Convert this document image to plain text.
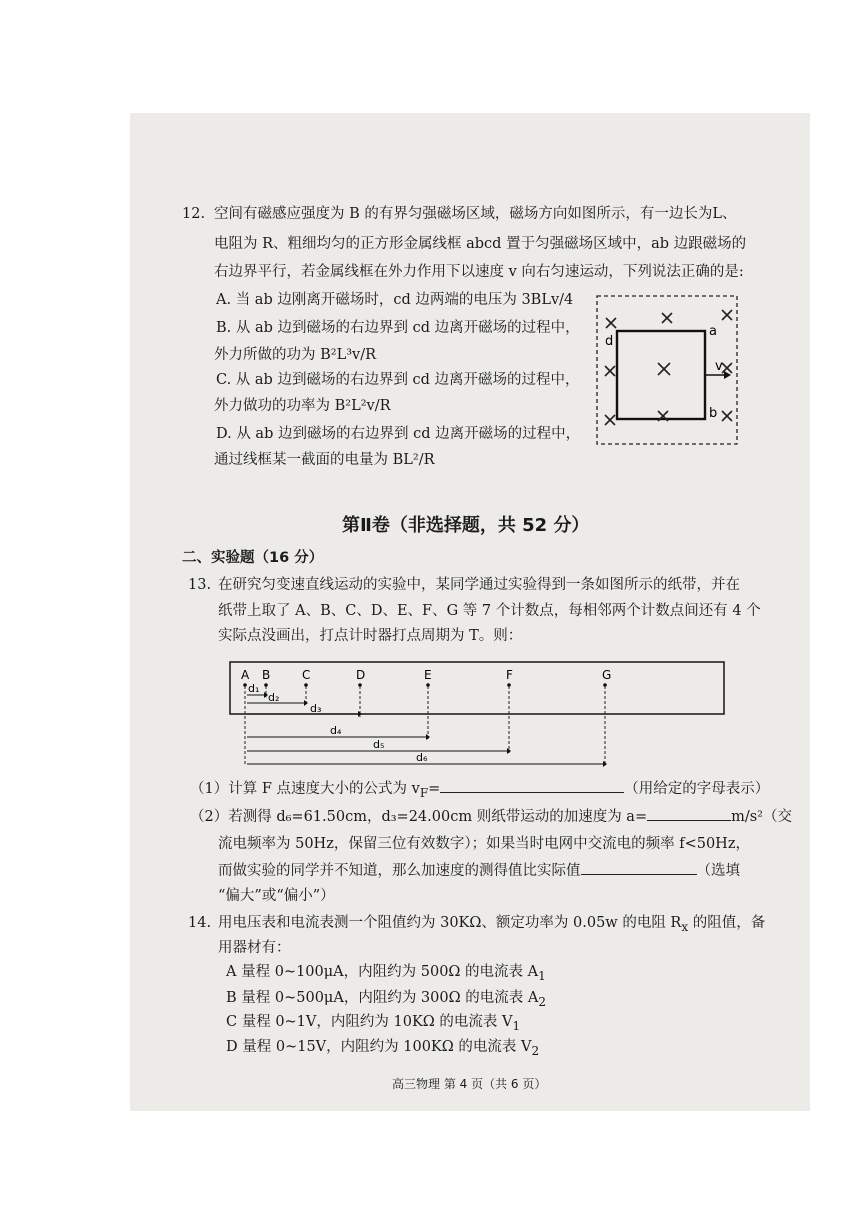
12. 空间有磁感应强度为 B 的有界匀强磁场区域，磁场方向如图所示，有一边长为L、
电阻为 R、粗细均匀的正方形金属线框 abcd 置于匀强磁场区域中，ab 边跟磁场的
右边界平行，若金属线框在外力作用下以速度 v 向右匀速运动，下列说法正确的是:
A. 当 ab 边刚离开磁场时，cd 边两端的电压为 3BLv/4
B. 从 ab 边到磁场的右边界到 cd 边离开磁场的过程中，
外力所做的功为 B²L³v/R
C. 从 ab 边到磁场的右边界到 cd 边离开磁场的过程中，
外力做功的功率为 B²L²v/R
D. 从 ab 边到磁场的右边界到 cd 边离开磁场的过程中，
通过线框某一截面的电量为 BL²/R
a
b
d
v
第Ⅱ卷（非选择题，共 52 分）
二、实验题（16 分）
13. 在研究匀变速直线运动的实验中，某同学通过实验得到一条如图所示的纸带，并在
纸带上取了 A、B、C、D、E、F、G 等 7 个计数点，每相邻两个计数点间还有 4 个
实际点没画出，打点计时器打点周期为 T。则：
A B	C	D	E	F	G
d₁
d₂
d₃
d₄
d₅
d₆
（1）计算 F 点速度大小的公式为 $v_F=$	（用给定的字母表示）
（2）若测得 d₆=61.50cm，d₃=24.00cm 则纸带运动的加速度为 a=	m/s²（交
流电频率为 50Hz，保留三位有效数字）；如果当时电网中交流电的频率 f<50Hz，
而做实验的同学并不知道，那么加速度的测得值比实际值	（选填
“偏大”或“偏小”）
14. 用电压表和电流表测一个阻值约为 30KΩ、额定功率为 0.05w 的电阻 $R_x$ 的阻值，备
用器材有：
A 量程 0~100μA，内阻约为 500Ω 的电流表 $A_1$
B 量程 0~500μA，内阻约为 300Ω 的电流表 $A_2$
C 量程 0~1V，内阻约为 10KΩ 的电流表 $V_1$
D 量程 0~15V，内阻约为 100KΩ 的电流表 $V_2$
高三物理 第 4 页（共 6 页）
